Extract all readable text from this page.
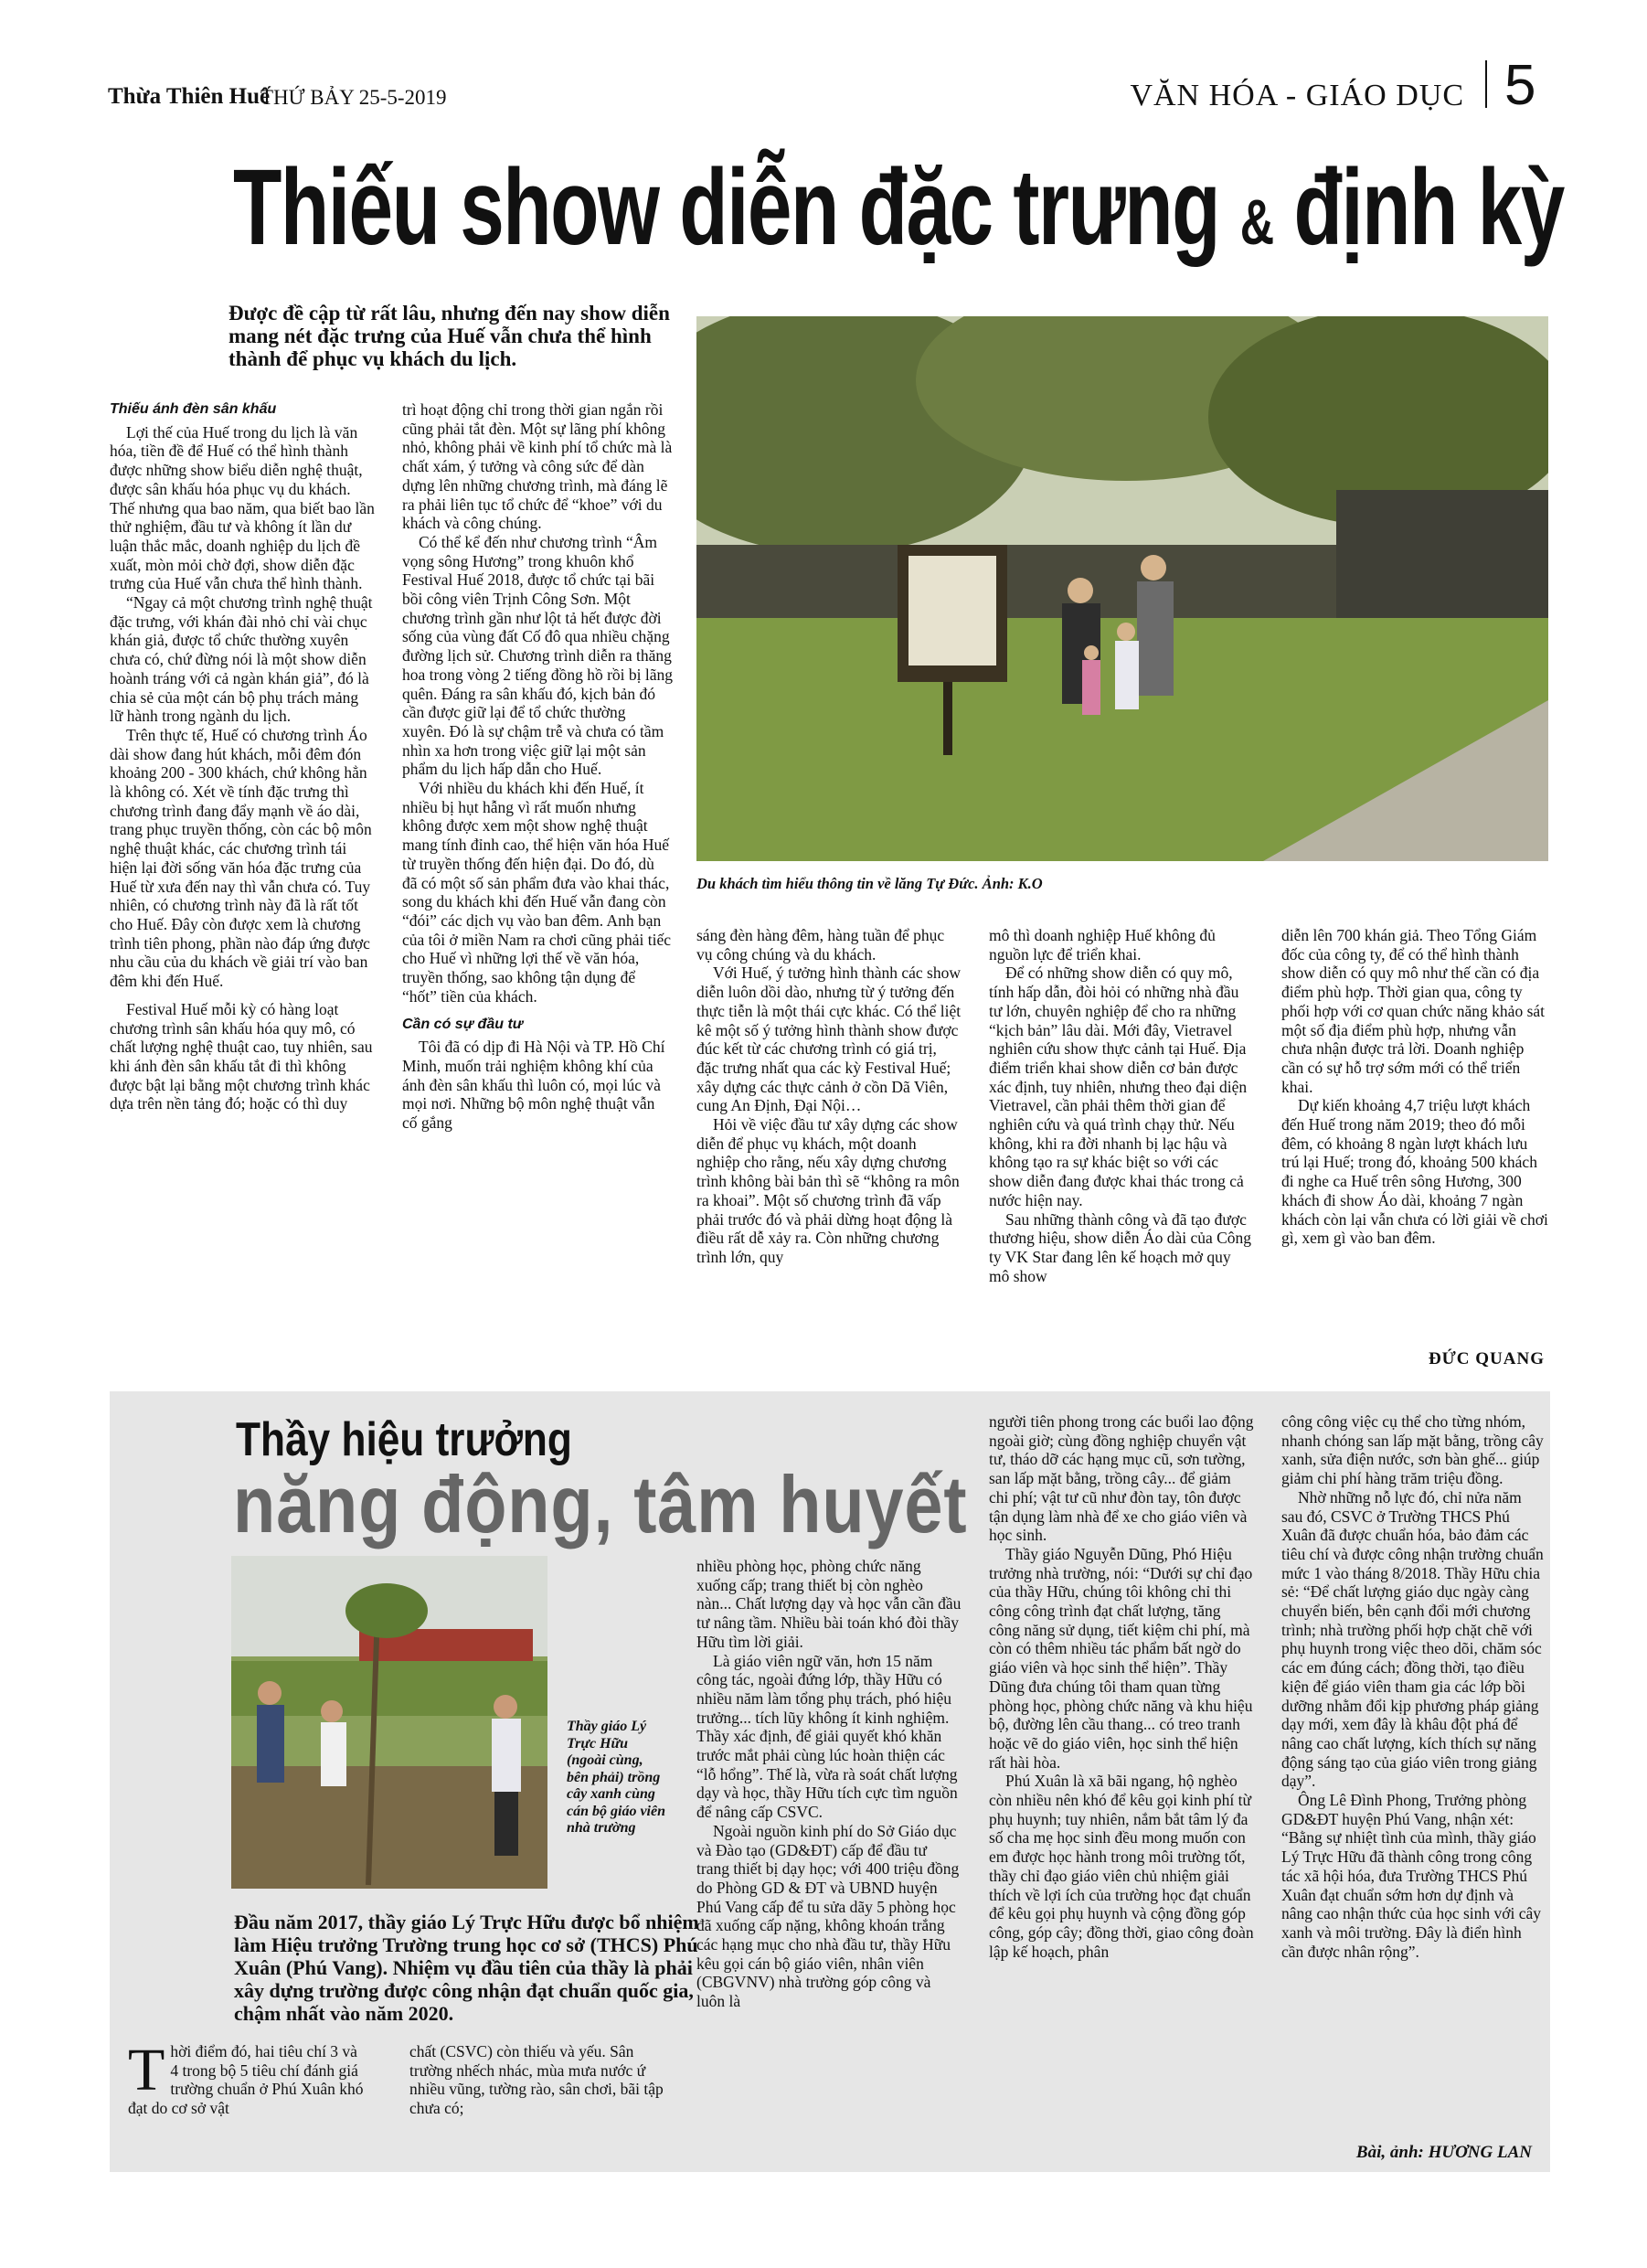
Thừa Thiên Huế
THỨ BẢY 25-5-2019	VĂN HÓA - GIÁO DỤC 5
Thiếu show diễn đặc trưng & định kỳ
Được đề cập từ rất lâu, nhưng đến nay show diễn mang nét đặc trưng của Huế vẫn chưa thể hình thành để phục vụ khách du lịch.
Du khách tìm hiểu thông tin về lăng Tự Đức. Ảnh: K.O

Thiếu ánh đèn sân khấu

Lợi thế của Huế trong du lịch là văn hóa, tiền đề để Huế có thể hình thành được những show biểu diễn nghệ thuật, được sân khấu hóa phục vụ du khách. Thế nhưng qua bao năm, qua biết bao lần thử nghiệm, đầu tư và không ít lần dư luận thắc mắc, doanh nghiệp du lịch đề xuất, mòn mỏi chờ đợi, show diễn đặc trưng của Huế vẫn chưa thể hình thành.

“Ngay cả một chương trình nghệ thuật đặc trưng, với khán đài nhỏ chỉ vài chục khán giả, được tổ chức thường xuyên chưa có, chứ đừng nói là một show diễn hoành tráng với cả ngàn khán giả”, đó là chia sẻ của một cán bộ phụ trách mảng lữ hành trong ngành du lịch.

Trên thực tế, Huế có chương trình Áo dài show đang hút khách, mỗi đêm đón khoảng 200 - 300 khách, chứ không hẳn là không có. Xét về tính đặc trưng thì chương trình đang đẩy mạnh về áo dài, trang phục truyền thống, còn các bộ môn nghệ thuật khác, các chương trình tái hiện lại đời sống văn hóa đặc trưng của Huế từ xưa đến nay thì vẫn chưa có. Tuy nhiên, có chương trình này đã là rất tốt cho Huế. Đây còn được xem là chương trình tiên phong, phần nào đáp ứng được nhu cầu của du khách về giải trí vào ban đêm khi đến Huế.

Festival Huế mỗi kỳ có hàng loạt chương trình sân khấu hóa quy mô, có chất lượng nghệ thuật cao, tuy nhiên, sau khi ánh đèn sân khấu tắt đi thì không được bật lại bằng một chương trình khác dựa trên nền tảng đó; hoặc có thì duy

trì hoạt động chỉ trong thời gian ngắn rồi cũng phải tắt đèn. Một sự lãng phí không nhỏ, không phải về kinh phí tổ chức mà là chất xám, ý tưởng và công sức để dàn dựng lên những chương trình, mà đáng lẽ ra phải liên tục tổ chức để “khoe” với du khách và công chúng.

Có thể kể đến như chương trình “Âm vọng sông Hương” trong khuôn khổ Festival Huế 2018, được tổ chức tại bãi bồi công viên Trịnh Công Sơn. Một chương trình gần như lột tả hết được đời sống của vùng đất Cố đô qua nhiều chặng đường lịch sử. Chương trình diễn ra thăng hoa trong vòng 2 tiếng đồng hồ rồi bị lãng quên. Đáng ra sân khấu đó, kịch bản đó cần được giữ lại để tổ chức thường xuyên. Đó là sự chậm trễ và chưa có tầm nhìn xa hơn trong việc giữ lại một sản phẩm du lịch hấp dẫn cho Huế.

Với nhiều du khách khi đến Huế, ít nhiều bị hụt hẫng vì rất muốn nhưng không được xem một show nghệ thuật mang tính đỉnh cao, thể hiện văn hóa Huế từ truyền thống đến hiện đại. Do đó, dù đã có một số sản phẩm đưa vào khai thác, song du khách khi đến Huế vẫn đang còn “đói” các dịch vụ vào ban đêm. Anh bạn của tôi ở miền Nam ra chơi cũng phải tiếc cho Huế vì những lợi thế về văn hóa, truyền thống, sao không tận dụng để “hốt” tiền của khách.

Cần có sự đầu tư

Tôi đã có dịp đi Hà Nội và TP. Hồ Chí Minh, muốn trải nghiệm không khí của ánh đèn sân khấu thì luôn có, mọi lúc và mọi nơi. Những bộ môn nghệ thuật vẫn cố gắng

sáng đèn hàng đêm, hàng tuần để phục vụ công chúng và du khách.

Với Huế, ý tưởng hình thành các show diễn luôn dồi dào, nhưng từ ý tưởng đến thực tiễn là một thái cực khác. Có thể liệt kê một số ý tưởng hình thành show được đúc kết từ các chương trình có giá trị, đặc trưng nhất qua các kỳ Festival Huế; xây dựng các thực cảnh ở cồn Dã Viên, cung An Định, Đại Nội…

Hỏi về việc đầu tư xây dựng các show diễn để phục vụ khách, một doanh nghiệp cho rằng, nếu xây dựng chương trình không bài bản thì sẽ “không ra môn ra khoai”. Một số chương trình đã vấp phải trước đó và phải dừng hoạt động là điều rất dễ xảy ra. Còn những chương trình lớn, quy

mô thì doanh nghiệp Huế không đủ nguồn lực để triển khai.

Để có những show diễn có quy mô, tính hấp dẫn, đòi hỏi có những nhà đầu tư lớn, chuyên nghiệp để cho ra những “kịch bản” lâu dài. Mới đây, Vietravel nghiên cứu show thực cảnh tại Huế. Địa điểm triển khai show diễn cơ bản được xác định, tuy nhiên, nhưng theo đại diện Vietravel, cần phải thêm thời gian để nghiên cứu và quá trình chạy thử. Nếu không, khi ra đời nhanh bị lạc hậu và không tạo ra sự khác biệt so với các show diễn đang được khai thác trong cả nước hiện nay.

Sau những thành công và đã tạo được thương hiệu, show diễn Áo dài của Công ty VK Star đang lên kế hoạch mở quy mô show

diễn lên 700 khán giả. Theo Tổng Giám đốc của công ty, để có thể hình thành show diễn có quy mô như thế cần có địa điểm phù hợp. Thời gian qua, công ty phối hợp với cơ quan chức năng khảo sát một số địa điểm phù hợp, nhưng vẫn chưa nhận được trả lời. Doanh nghiệp cần có sự hỗ trợ sớm mới có thể triển khai.

Dự kiến khoảng 4,7 triệu lượt khách đến Huế trong năm 2019; theo đó mỗi đêm, có khoảng 8 ngàn lượt khách lưu trú lại Huế; trong đó, khoảng 500 khách đi nghe ca Huế trên sông Hương, 300 khách đi show Áo dài, khoảng 7 ngàn khách còn lại vẫn chưa có lời giải về chơi gì, xem gì vào ban đêm.

ĐỨC QUANG
Thầy hiệu trưởng
năng động, tâm huyết
Thầy giáo Lý Trực Hữu (ngoài cùng, bên phải) trồng cây xanh cùng cán bộ giáo viên nhà trường
Đầu năm 2017, thầy giáo Lý Trực Hữu được bổ nhiệm làm Hiệu trưởng Trường trung học cơ sở (THCS) Phú Xuân (Phú Vang). Nhiệm vụ đầu tiên của thầy là phải xây dựng trường được công nhận đạt chuẩn quốc gia, chậm nhất vào năm 2020.

Thời điểm đó, hai tiêu chí 3 và 4 trong bộ 5 tiêu chí đánh giá trường chuẩn ở Phú Xuân khó đạt do cơ sở vật

chất (CSVC) còn thiếu và yếu. Sân trường nhếch nhác, mùa mưa nước ứ nhiều vũng, tường rào, sân chơi, bãi tập chưa có;

nhiều phòng học, phòng chức năng xuống cấp; trang thiết bị còn nghèo nàn... Chất lượng dạy và học vẫn cần đầu tư nâng tầm. Nhiều bài toán khó đòi thầy Hữu tìm lời giải.

Là giáo viên ngữ văn, hơn 15 năm công tác, ngoài đứng lớp, thầy Hữu có nhiều năm làm tổng phụ trách, phó hiệu trưởng... tích lũy không ít kinh nghiệm. Thầy xác định, để giải quyết khó khăn trước mắt phải cùng lúc hoàn thiện các “lỗ hổng”. Thế là, vừa rà soát chất lượng dạy và học, thầy Hữu tích cực tìm nguồn để nâng cấp CSVC.

Ngoài nguồn kinh phí do Sở Giáo dục và Đào tạo (GD&ĐT) cấp để đầu tư trang thiết bị dạy học; với 400 triệu đồng do Phòng GD & ĐT và UBND huyện Phú Vang cấp để tu sửa dãy 5 phòng học đã xuống cấp nặng, không khoán trắng các hạng mục cho nhà đầu tư, thầy Hữu kêu gọi cán bộ giáo viên, nhân viên (CBGVNV) nhà trường góp công và luôn là

người tiên phong trong các buổi lao động ngoài giờ; cùng đồng nghiệp chuyển vật tư, tháo dỡ các hạng mục cũ, sơn tường, san lấp mặt bằng, trồng cây... để giảm chi phí; vật tư cũ như đòn tay, tôn được tận dụng làm nhà để xe cho giáo viên và học sinh.

Thầy giáo Nguyễn Dũng, Phó Hiệu trưởng nhà trường, nói: “Dưới sự chỉ đạo của thầy Hữu, chúng tôi không chỉ thi công công trình đạt chất lượng, tăng công năng sử dụng, tiết kiệm chi phí, mà còn có thêm nhiều tác phẩm bất ngờ do giáo viên và học sinh thể hiện”. Thầy Dũng đưa chúng tôi tham quan từng phòng học, phòng chức năng và khu hiệu bộ, đường lên cầu thang... có treo tranh hoặc vẽ do giáo viên, học sinh thể hiện rất hài hòa.

Phú Xuân là xã bãi ngang, hộ nghèo còn nhiều nên khó để kêu gọi kinh phí từ phụ huynh; tuy nhiên, nắm bắt tâm lý đa số cha mẹ học sinh đều mong muốn con em được học hành trong môi trường tốt, thầy chỉ đạo giáo viên chủ nhiệm giải thích về lợi ích của trường học đạt chuẩn để kêu gọi phụ huynh và cộng đồng góp công, góp cây; đồng thời, giao công đoàn lập kế hoạch, phân

công công việc cụ thể cho từng nhóm, nhanh chóng san lấp mặt bằng, trồng cây xanh, sửa điện nước, sơn bàn ghế... giúp giảm chi phí hàng trăm triệu đồng.

Nhờ những nỗ lực đó, chỉ nửa năm sau đó, CSVC ở Trường THCS Phú Xuân đã được chuẩn hóa, bảo đảm các tiêu chí và được công nhận trường chuẩn mức 1 vào tháng 8/2018. Thầy Hữu chia sẻ: “Để chất lượng giáo dục ngày càng chuyển biến, bên cạnh đổi mới chương trình; nhà trường phối hợp chặt chẽ với phụ huynh trong việc theo dõi, chăm sóc các em đúng cách; đồng thời, tạo điều kiện để giáo viên tham gia các lớp bồi dưỡng nhằm đổi kịp phương pháp giảng dạy mới, xem đây là khâu đột phá để nâng cao chất lượng, kích thích sự năng động sáng tạo của giáo viên trong giảng dạy”.

Ông Lê Đình Phong, Trưởng phòng GD&ĐT huyện Phú Vang, nhận xét: “Bằng sự nhiệt tình của mình, thầy giáo Lý Trực Hữu đã thành công trong công tác xã hội hóa, đưa Trường THCS Phú Xuân đạt chuẩn sớm hơn dự định và nâng cao nhận thức của học sinh với cây xanh và môi trường. Đây là điển hình cần được nhân rộng”.

Bài, ảnh: HƯƠNG LAN
